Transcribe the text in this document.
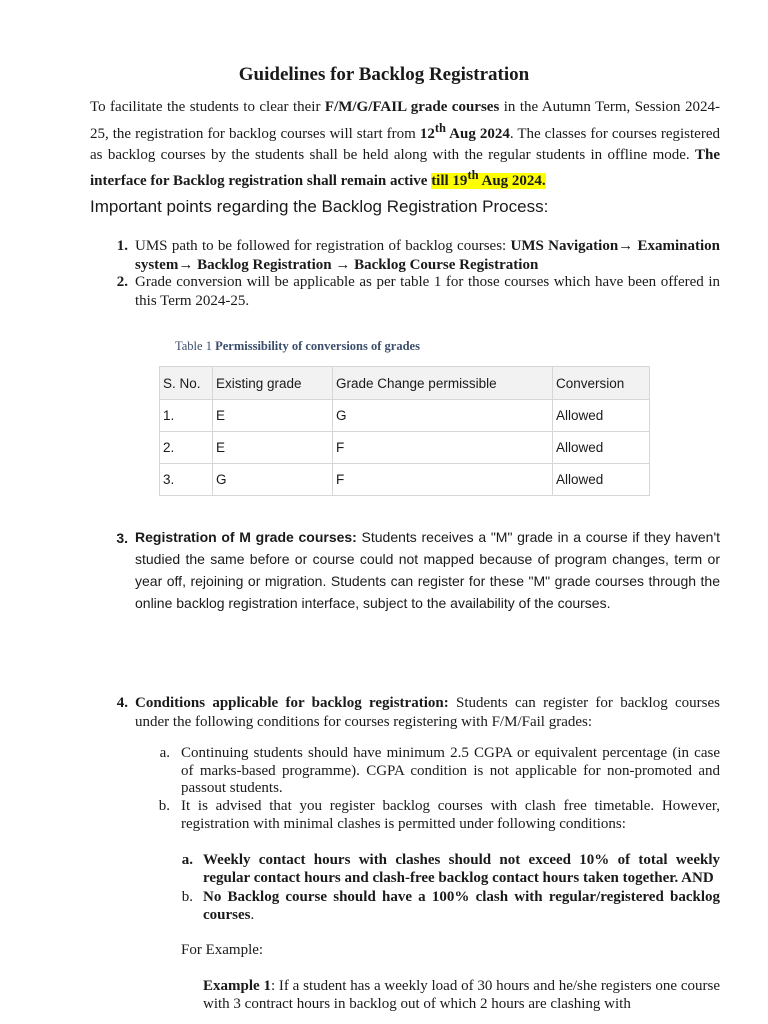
Guidelines for Backlog Registration
To facilitate the students to clear their F/M/G/FAIL grade courses in the Autumn Term, Session 2024-25, the registration for backlog courses will start from 12th Aug 2024. The classes for courses registered as backlog courses by the students shall be held along with the regular students in offline mode. The interface for Backlog registration shall remain active till 19th Aug 2024.
Important points regarding the Backlog Registration Process:
1. UMS path to be followed for registration of backlog courses: UMS Navigation→ Examination system→ Backlog Registration → Backlog Course Registration
2. Grade conversion will be applicable as per table 1 for those courses which have been offered in this Term 2024-25.
Table 1 Permissibility of conversions of grades
S. No.	Existing grade	Grade Change permissible	Conversion
1.	E	G	Allowed
2.	E	F	Allowed
3.	G	F	Allowed
3. Registration of M grade courses: Students receives a "M" grade in a course if they haven't studied the same before or course could not mapped because of program changes, term or year off, rejoining or migration. Students can register for these "M" grade courses through the online backlog registration interface, subject to the availability of the courses.
4. Conditions applicable for backlog registration: Students can register for backlog courses under the following conditions for courses registering with F/M/Fail grades:
a. Continuing students should have minimum 2.5 CGPA or equivalent percentage (in case of marks-based programme). CGPA condition is not applicable for non-promoted and passout students.
b. It is advised that you register backlog courses with clash free timetable. However, registration with minimal clashes is permitted under following conditions:
a. Weekly contact hours with clashes should not exceed 10% of total weekly regular contact hours and clash-free backlog contact hours taken together. AND
b. No Backlog course should have a 100% clash with regular/registered backlog courses.
For Example:
Example 1: If a student has a weekly load of 30 hours and he/she registers one course with 3 contract hours in backlog out of which 2 hours are clashing with
